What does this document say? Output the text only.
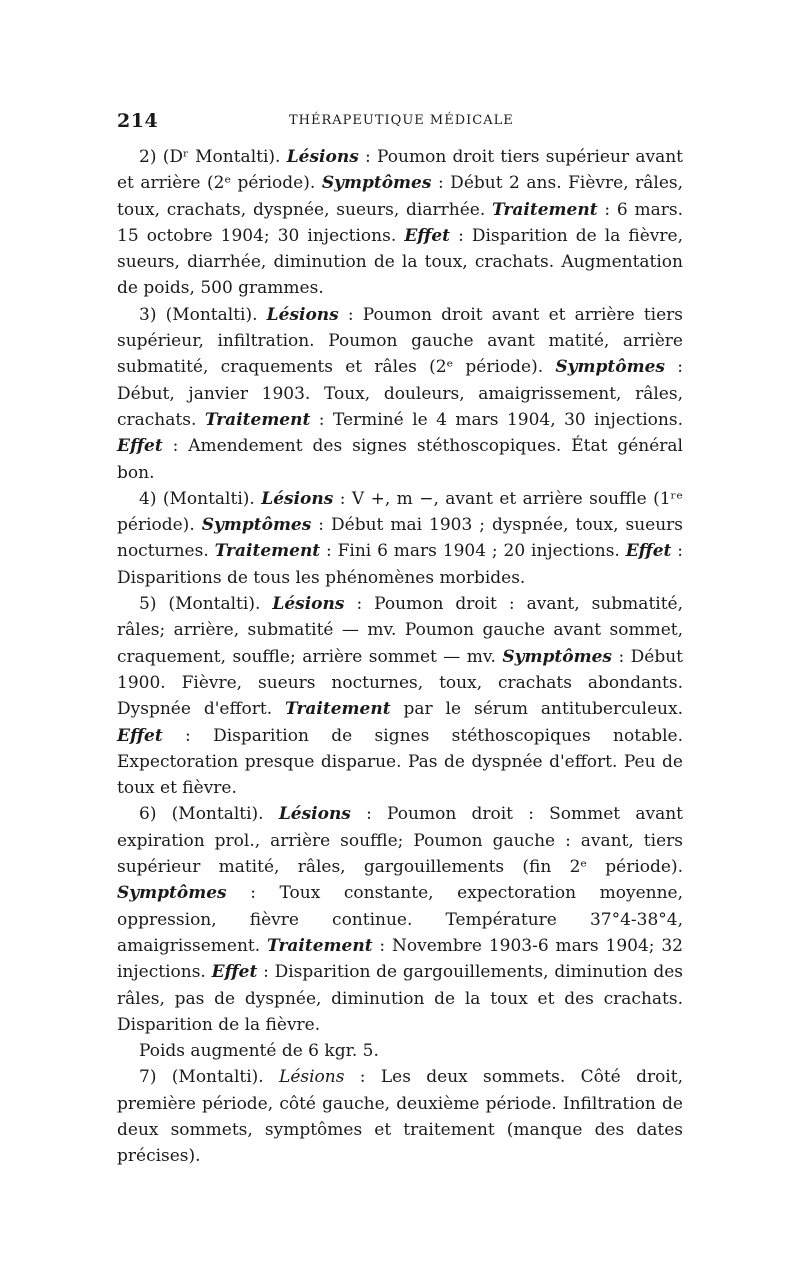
214	THÉRAPEUTIQUE MÉDICALE

2) (Dʳ Montalti). Lésions : Poumon droit tiers supérieur avant et arrière (2ᵉ période). Symptômes : Début 2 ans. Fièvre, râles, toux, crachats, dyspnée, sueurs, diarrhée. Traitement : 6 mars. 15 octobre 1904; 30 injections. Effet : Disparition de la fièvre, sueurs, diarrhée, diminution de la toux, crachats. Augmentation de poids, 500 grammes.

3) (Montalti). Lésions : Poumon droit avant et arrière tiers supérieur, infiltration. Poumon gauche avant matité, arrière submatité, craquements et râles (2ᵉ période). Symptômes : Début, janvier 1903. Toux, douleurs, amaigrissement, râles, crachats. Traitement : Terminé le 4 mars 1904, 30 injections. Effet : Amendement des signes stéthoscopiques. État général bon.

4) (Montalti). Lésions : V +, m −, avant et arrière souffle (1ʳᵉ période). Symptômes : Début mai 1903 ; dyspnée, toux, sueurs nocturnes. Traitement : Fini 6 mars 1904 ; 20 injections. Effet : Disparitions de tous les phénomènes morbides.

5) (Montalti). Lésions : Poumon droit : avant, submatité, râles; arrière, submatité — mv. Poumon gauche avant sommet, craquement, souffle; arrière sommet — mv. Symptômes : Début 1900. Fièvre, sueurs nocturnes, toux, crachats abondants. Dyspnée d'effort. Traitement par le sérum antituberculeux. Effet : Disparition de signes stéthoscopiques notable. Expectoration presque disparue. Pas de dyspnée d'effort. Peu de toux et fièvre.

6) (Montalti). Lésions : Poumon droit : Sommet avant expiration prol., arrière souffle; Poumon gauche : avant, tiers supérieur matité, râles, gargouillements (fin 2ᵉ période). Symptômes : Toux constante, expectoration moyenne, oppression, fièvre continue. Température 37°4-38°4, amaigrissement. Traitement : Novembre 1903-6 mars 1904; 32 injections. Effet : Disparition de gargouillements, diminution des râles, pas de dyspnée, diminution de la toux et des crachats. Disparition de la fièvre.

Poids augmenté de 6 kgr. 5.

7) (Montalti). Lésions : Les deux sommets. Côté droit, première période, côté gauche, deuxième période. Infiltration de deux sommets, symptômes et traitement (manque des dates précises).
